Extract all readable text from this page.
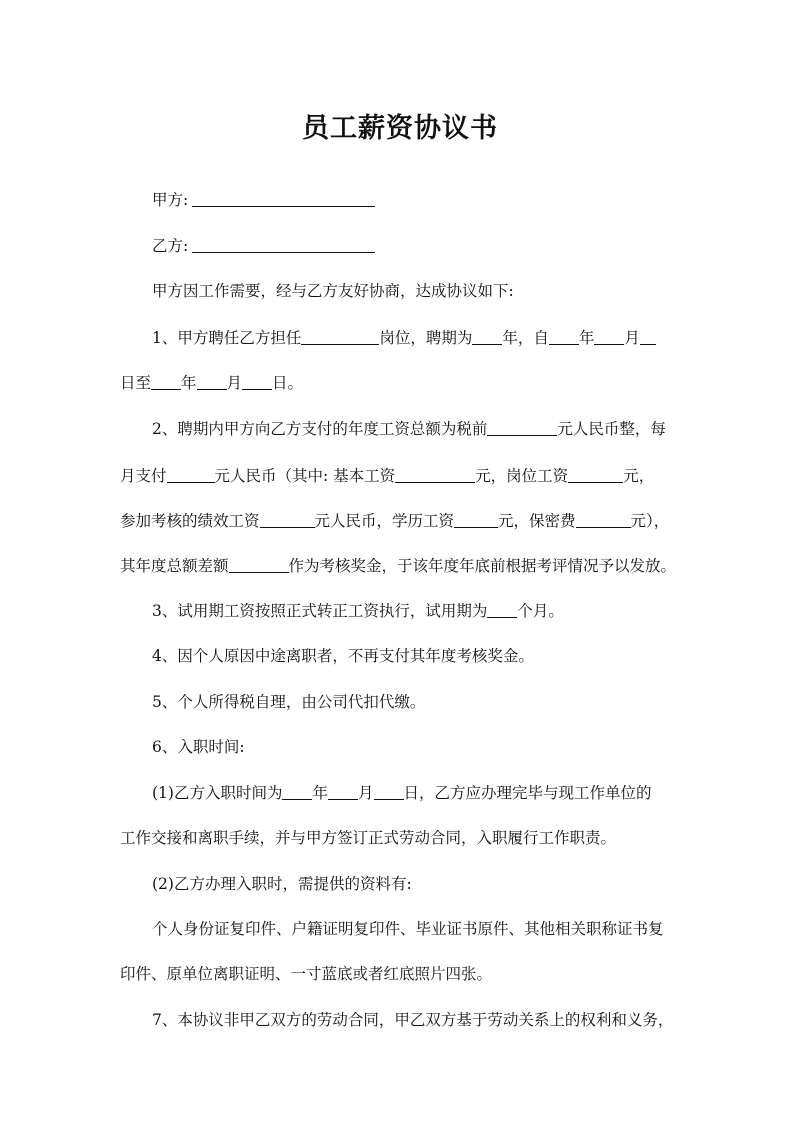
员工薪资协议书
甲方:
乙方:
甲方因工作需要，经与乙方友好协商，达成协议如下:
1、甲方聘任乙方担任	岗位，聘期为 年，自 年 月
日至 年 月 日。
2、聘期内甲方向乙方支付的年度工资总额为税前	元人民币整，每
月支付	元人民币（其中: 基本工资	元，岗位工资	元，
参加考核的绩效工资	元人民币，学历工资	元，保密费	元），
其年度总额差额	作为考核奖金，于该年度年底前根据考评情况予以发放。
3、试用期工资按照正式转正工资执行，试用期为 个月。
4、因个人原因中途离职者，不再支付其年度考核奖金。
5、个人所得税自理，由公司代扣代缴。
6、入职时间:
(1)乙方入职时间为 年 月 日，乙方应办理完毕与现工作单位的
工作交接和离职手续，并与甲方签订正式劳动合同，入职履行工作职责。
(2)乙方办理入职时，需提供的资料有:
个人身份证复印件、户籍证明复印件、毕业证书原件、其他相关职称证书复
印件、原单位离职证明、一寸蓝底或者红底照片四张。
7、本协议非甲乙双方的劳动合同，甲乙双方基于劳动关系上的权利和义务，
